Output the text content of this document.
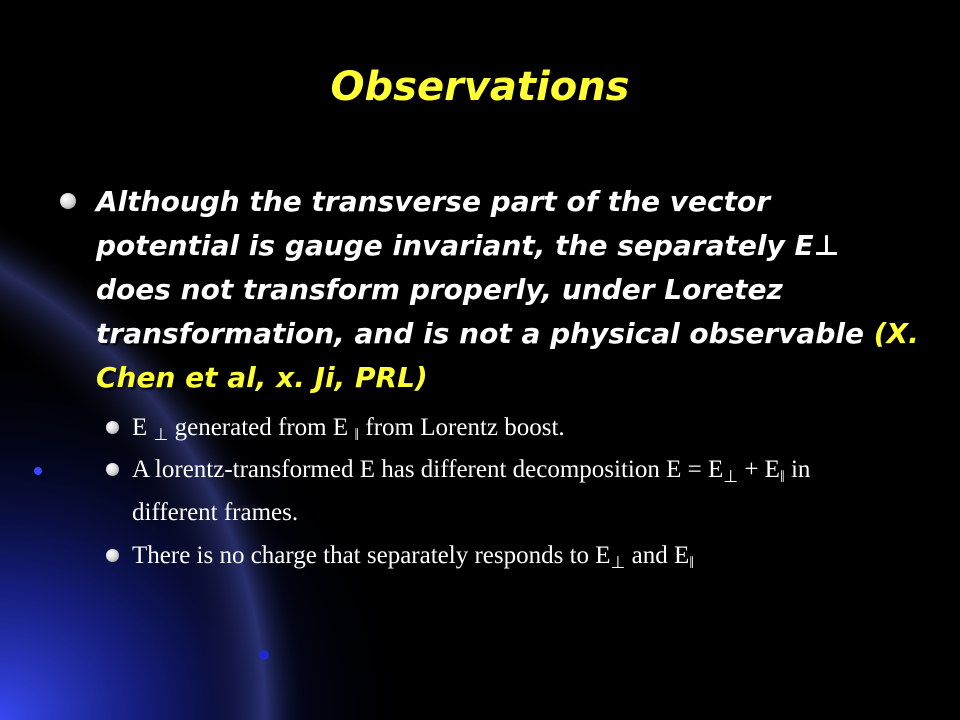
Observations
Although the transverse part of the vector potential is gauge invariant, the separately E⊥ does not transform properly, under Loretez transformation, and is not a physical observable (X. Chen et al, x. Ji, PRL)
E $_\perp$ generated from E $_‖$ from Lorentz boost.
A lorentz-transformed E has different decomposition $E = E_\perp + E_‖$ in different frames.
There is no charge that separately responds to $E_\perp$ and $E_‖$
